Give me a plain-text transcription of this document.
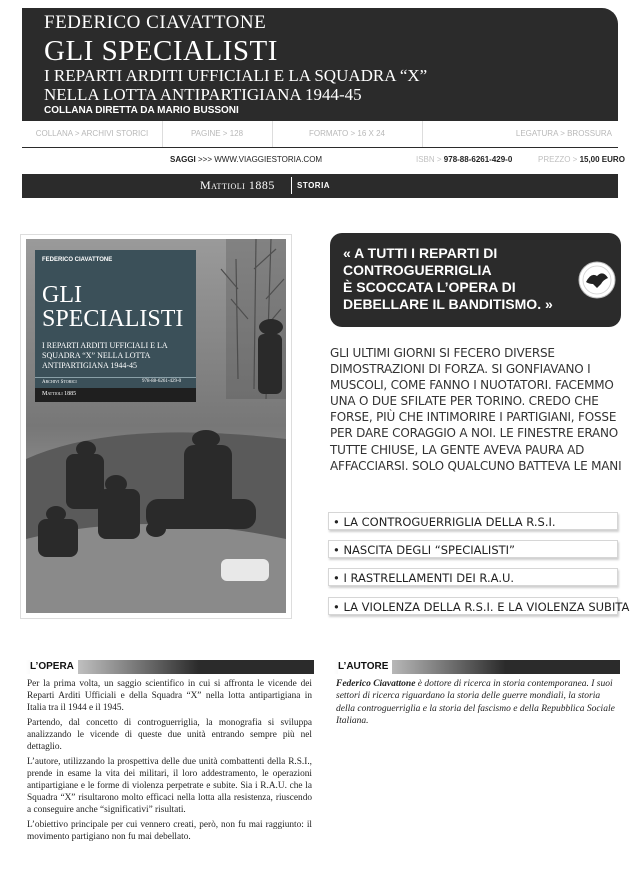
FEDERICO CIAVATTONE
GLI SPECIALISTI
I REPARTI ARDITI UFFICIALI E LA SQUADRA “X”
NELLA LOTTA ANTIPARTIGIANA 1944-45
COLLANA DIRETTA DA MARIO BUSSONI
COLLANA > ARCHIVI STORICI	PAGINE > 128	FORMATO > 16 X 24	LEGATURA > BROSSURA
SAGGI >>> WWW.VIAGGIESTORIA.COM	ISBN > 978-88-6261-429-0	PREZZO > 15,00 EURO
Mattioli 1885	STORIA
FEDERICO CIAVATTONE
GLI
SPECIALISTI
I REPARTI ARDITI UFFICIALI E LA SQUADRA “X” NELLA LOTTA ANTIPARTIGIANA 1944-45
Archivi Storici	978-88-6261-429-0
Mattioli 1885
« A TUTTI I REPARTI DI
CONTROGUERRIGLIA
È SCOCCATA L’OPERA DI
DEBELLARE IL BANDITISMO. »
GLI ULTIMI GIORNI SI FECERO DIVERSE
DIMOSTRAZIONI DI FORZA. SI GONFIAVANO I
MUSCOLI, COME FANNO I NUOTATORI. FACEMMO
UNA O DUE SFILATE PER TORINO. CREDO CHE
FORSE, PIÙ CHE INTIMORIRE I PARTIGIANI, FOSSE
PER DARE CORAGGIO A NOI. LE FINESTRE ERANO
TUTTE CHIUSE, LA GENTE AVEVA PAURA AD
AFFACCIARSI. SOLO QUALCUNO BATTEVA LE MANI
• LA CONTROGUERRIGLIA DELLA R.S.I.
• NASCITA DEGLI “SPECIALISTI”
• I RASTRELLAMENTI DEI R.A.U.
• LA VIOLENZA DELLA R.S.I. E LA VIOLENZA SUBITA
L’OPERA

Per la prima volta, un saggio scientifico in cui si affronta le vicende dei Reparti Arditi Ufficiali e della Squadra “X” nella lotta antipartigiana in Italia tra il 1944 e il 1945.

Partendo, dal concetto di controguerriglia, la monografia si sviluppa analizzando le vicende di queste due unità entrando sempre più nel dettaglio.

L’autore, utilizzando la prospettiva delle due unità combattenti della R.S.I., prende in esame la vita dei militari, il loro addestramento, le operazioni antipartigiane e le forme di violenza perpetrate e subite. Sia i R.A.U. che la Squadra “X” risultarono molto efficaci nella lotta alla resistenza, riuscendo a conseguire anche “significativi” risultati.

L’obiettivo principale per cui vennero creati, però, non fu mai raggiunto: il movimento partigiano non fu mai debellato.

L’AUTORE
Federico Ciavattone è dottore di ricerca in storia contemporanea. I suoi settori di ricerca riguardano la storia delle guerre mondiali, la storia della controguerriglia e la storia del fascismo e della Repubblica Sociale Italiana.
